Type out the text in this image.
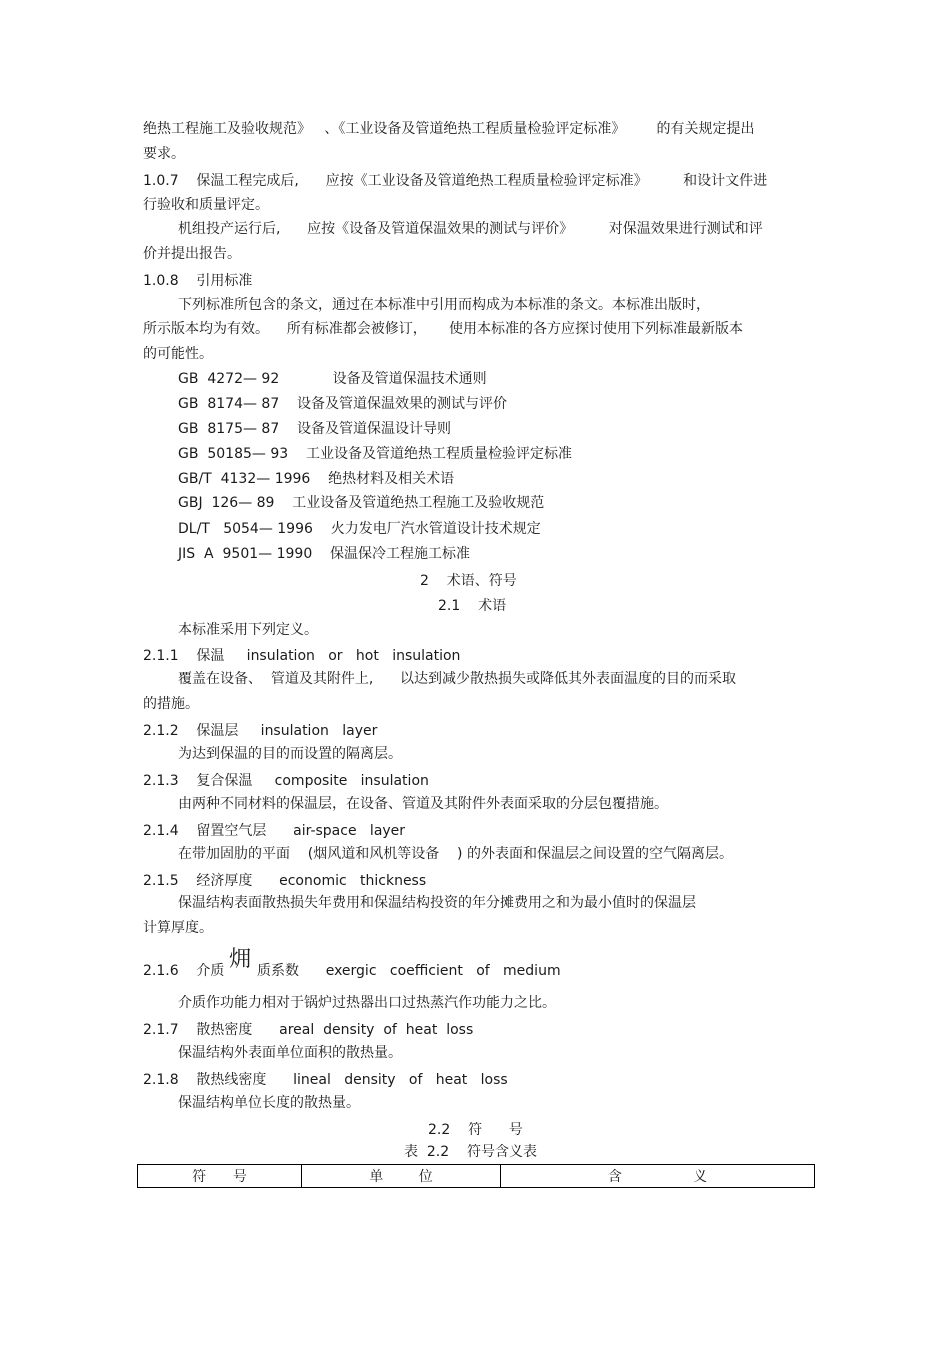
绝热工程施工及验收规范》   、《工业设备及管道绝热工程质量检验评定标准》       的有关规定提出
要求。
1.0.7    保温工程完成后,      应按《工业设备及管道绝热工程质量检验评定标准》        和设计文件进
行验收和质量评定。
机组投产运行后,      应按《设备及管道保温效果的测试与评价》        对保温效果进行测试和评
价并提出报告。
1.0.8    引用标准
下列标准所包含的条文，通过在本标准中引用而构成为本标准的条文。本标准出版时，
所示版本均为有效。    所有标准都会被修订，     使用本标准的各方应探讨使用下列标准最新版本
的可能性。
GB  4272— 92            设备及管道保温技术通则
GB  8174— 87    设备及管道保温效果的测试与评价
GB  8175— 87    设备及管道保温设计导则
GB  50185— 93    工业设备及管道绝热工程质量检验评定标准
GB/T  4132— 1996    绝热材料及相关术语
GBJ  126— 89    工业设备及管道绝热工程施工及验收规范
DL/T   5054— 1996    火力发电厂汽水管道设计技术规定
JIS  A  9501— 1990    保温保冷工程施工标准
2    术语、符号
2.1    术语
本标准采用下列定义。
2.1.1    保温     insulation   or   hot   insulation
覆盖在设备、  管道及其附件上,      以达到减少散热损失或降低其外表面温度的目的而采取
的措施。
2.1.2    保温层     insulation   layer
为达到保温的目的而设置的隔离层。
2.1.3    复合保温     composite   insulation
由两种不同材料的保温层，在设备、管道及其附件外表面采取的分层包覆措施。
2.1.4    留置空气层      air-space   layer
在带加固肋的平面    (烟风道和风机等设备    ) 的外表面和保温层之间设置的空气隔离层。
2.1.5    经济厚度      economic   thickness
保温结构表面散热损失年费用和保温结构投资的年分摊费用之和为最小值时的保温层
计算厚度。
2.1.6    介质 㶲 质系数      exergic   coefficient   of   medium
介质作功能力相对于锅炉过热器出口过热蒸汽作功能力之比。
2.1.7    散热密度      areal  density  of  heat  loss
保温结构外表面单位面积的散热量。
2.1.8    散热线密度      lineal   density   of   heat   loss
保温结构单位长度的散热量。
2.2    符      号
表  2.2    符号含义表
符      号	单        位	含                义
